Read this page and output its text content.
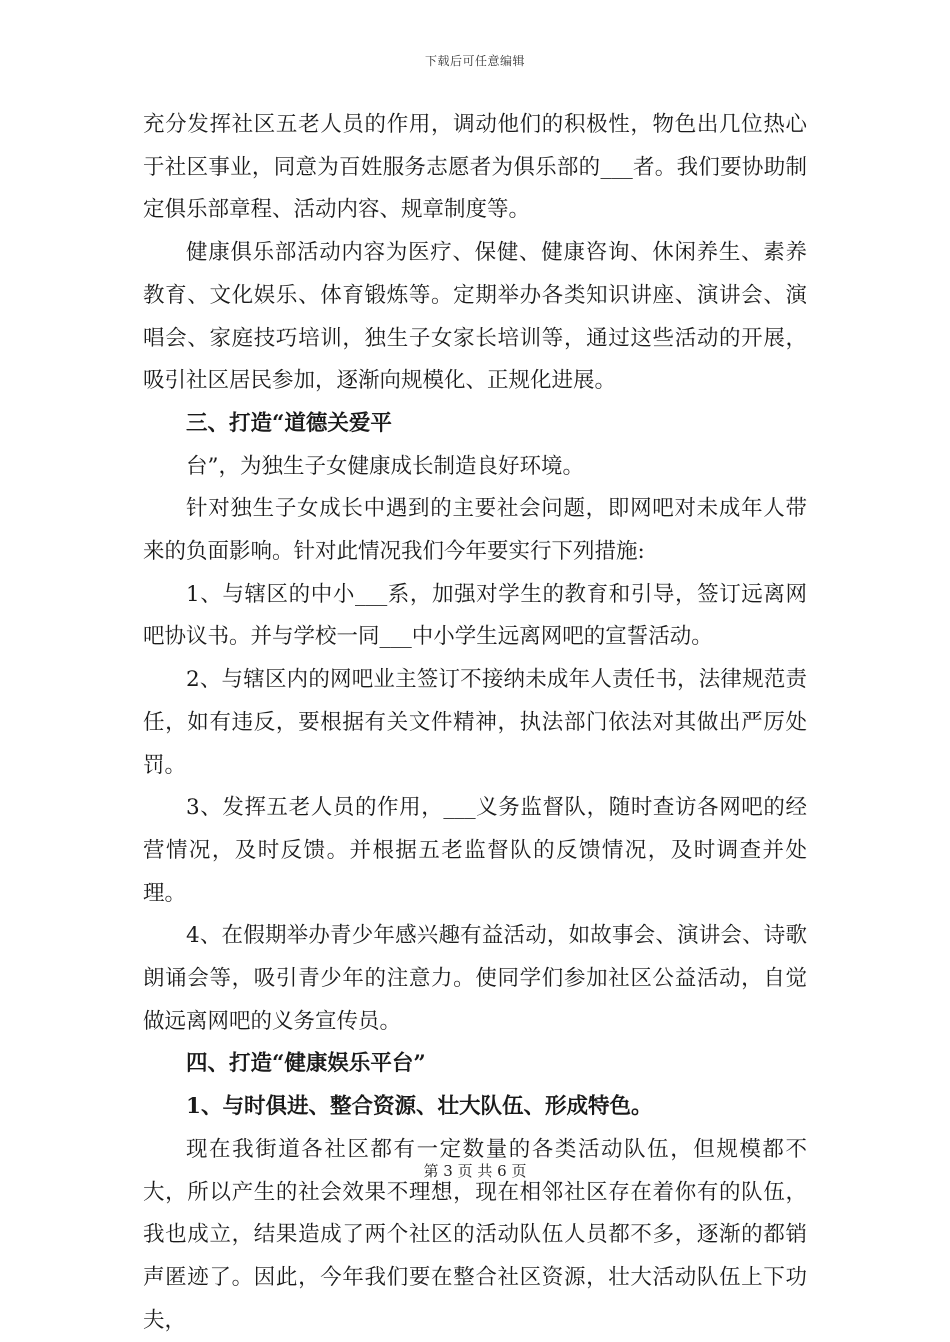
下载后可任意编辑

充分发挥社区五老人员的作用，调动他们的积极性，物色出几位热心于社区事业，同意为百姓服务志愿者为俱乐部的___者。我们要协助制定俱乐部章程、活动内容、规章制度等。

健康俱乐部活动内容为医疗、保健、健康咨询、休闲养生、素养教育、文化娱乐、体育锻炼等。定期举办各类知识讲座、演讲会、演唱会、家庭技巧培训，独生子女家长培训等，通过这些活动的开展，吸引社区居民参加，逐渐向规模化、正规化进展。

三、打造“道德关爱平

台”，为独生子女健康成长制造良好环境。

针对独生子女成长中遇到的主要社会问题，即网吧对未成年人带来的负面影响。针对此情况我们今年要实行下列措施:

1、与辖区的中小___系，加强对学生的教育和引导，签订远离网吧协议书。并与学校一同___中小学生远离网吧的宣誓活动。

2、与辖区内的网吧业主签订不接纳未成年人责任书，法律规范责任，如有违反，要根据有关文件精神，执法部门依法对其做出严厉处罚。

3、发挥五老人员的作用，___义务监督队，随时查访各网吧的经营情况，及时反馈。并根据五老监督队的反馈情况，及时调查并处理。

4、在假期举办青少年感兴趣有益活动，如故事会、演讲会、诗歌朗诵会等，吸引青少年的注意力。使同学们参加社区公益活动，自觉做远离网吧的义务宣传员。

四、打造“健康娱乐平台”

1、与时俱进、整合资源、壮大队伍、形成特色。

现在我街道各社区都有一定数量的各类活动队伍，但规模都不大，所以产生的社会效果不理想，现在相邻社区存在着你有的队伍，我也成立，结果造成了两个社区的活动队伍人员都不多，逐渐的都销声匿迹了。因此，今年我们要在整合社区资源，壮大活动队伍上下功夫，

第 3 页 共 6 页
